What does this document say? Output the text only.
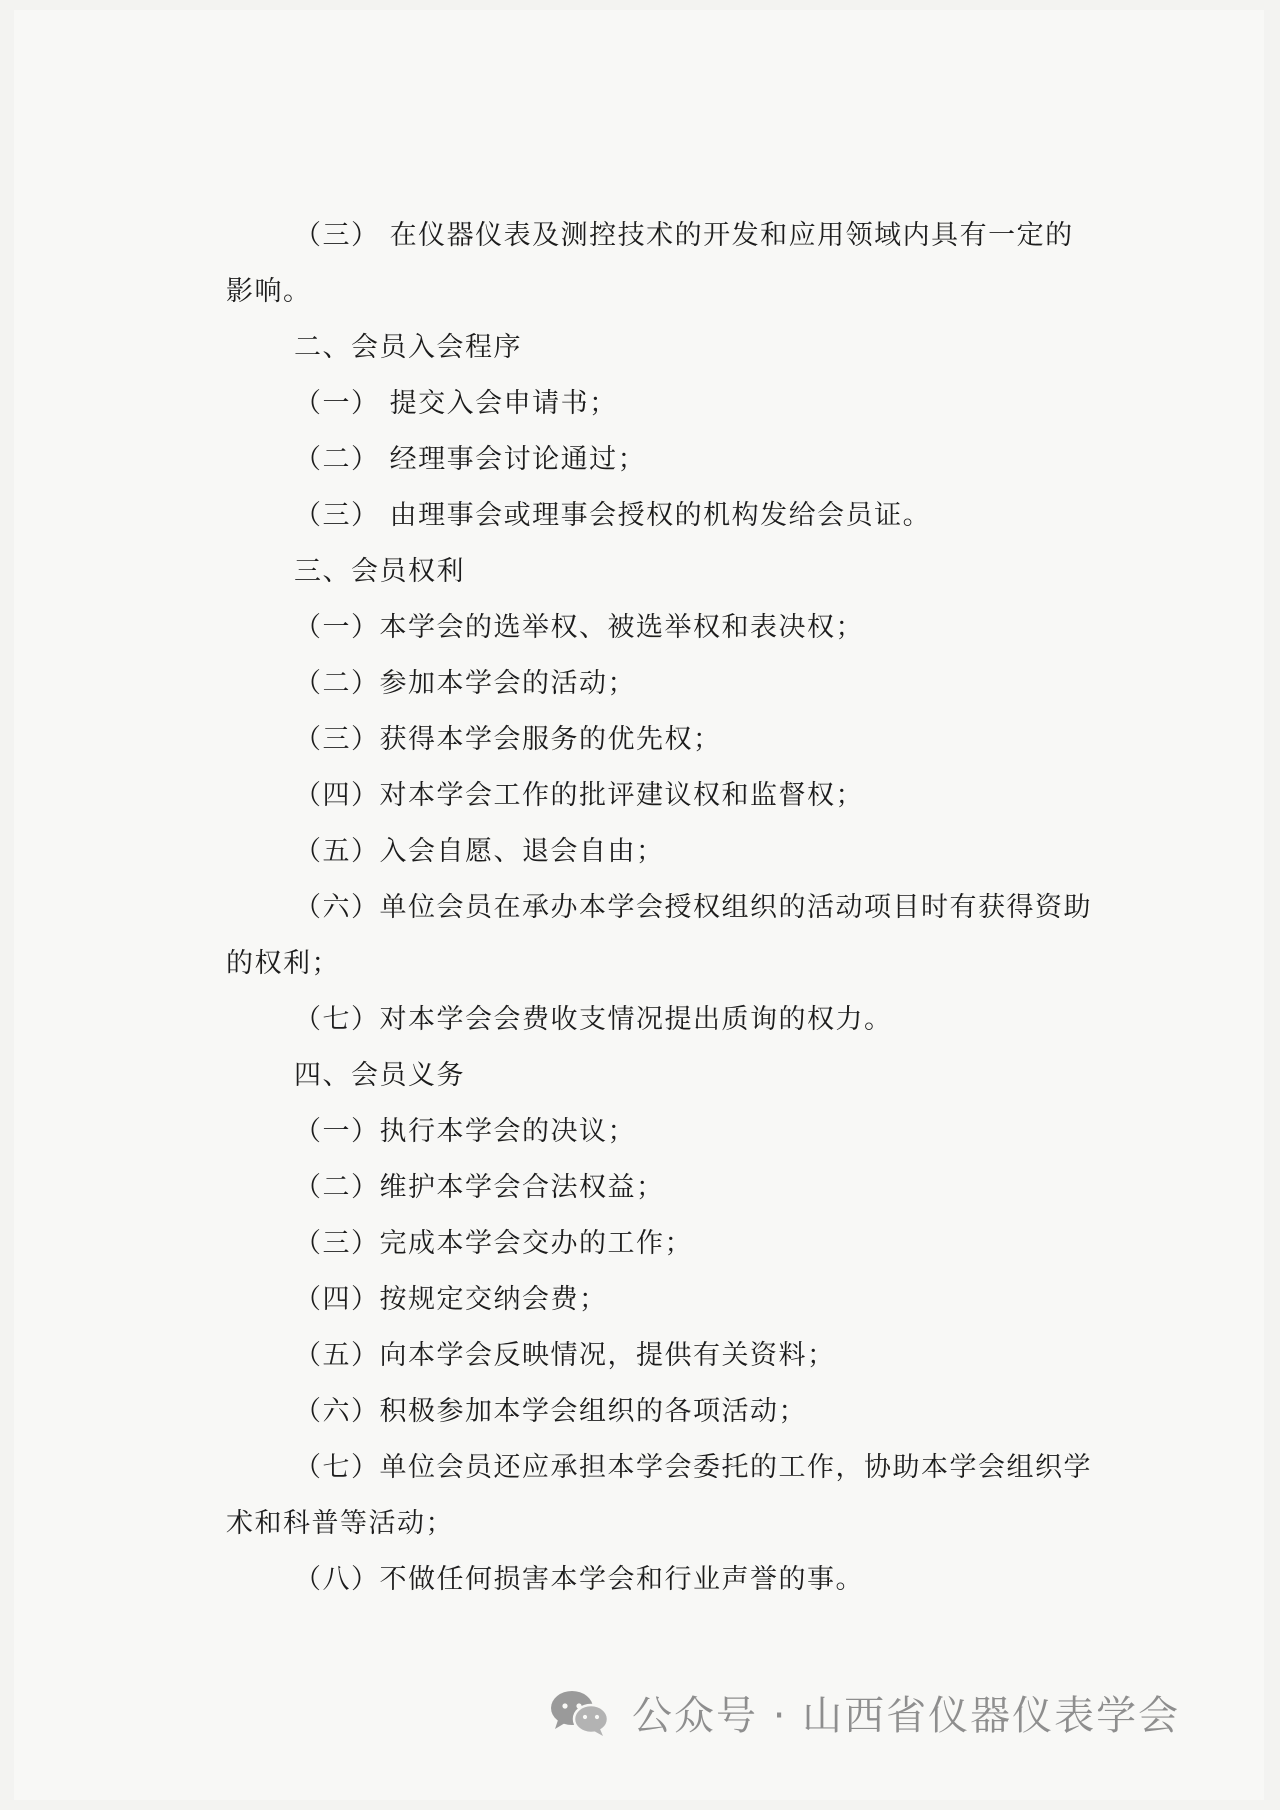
（三） 在仪器仪表及测控技术的开发和应用领域内具有一定的
影响。
二、会员入会程序
（一） 提交入会申请书；
（二） 经理事会讨论通过；
（三） 由理事会或理事会授权的机构发给会员证。
三、会员权利
（一）本学会的选举权、被选举权和表决权；
（二）参加本学会的活动；
（三）获得本学会服务的优先权；
（四）对本学会工作的批评建议权和监督权；
（五）入会自愿、退会自由；
（六）单位会员在承办本学会授权组织的活动项目时有获得资助
的权利；
（七）对本学会会费收支情况提出质询的权力。
四、会员义务
（一）执行本学会的决议；
（二）维护本学会合法权益；
（三）完成本学会交办的工作；
（四）按规定交纳会费；
（五）向本学会反映情况，提供有关资料；
（六）积极参加本学会组织的各项活动；
（七）单位会员还应承担本学会委托的工作，协助本学会组织学
术和科普等活动；
（八）不做任何损害本学会和行业声誉的事。
公众号 · 山西省仪器仪表学会
